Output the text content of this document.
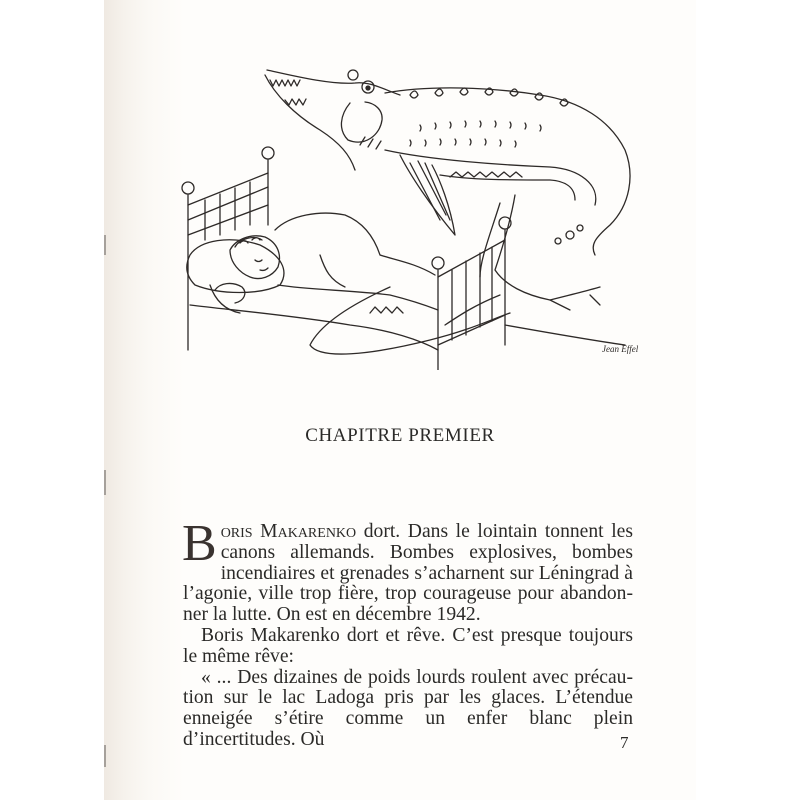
Jean Effel
CHAPITRE PREMIER

Boris Makarenko dort. Dans le lointain tonnent les canons allemands. Bombes explosives, bombes incendiaires et grenades s’acharnent sur Léningrad à l’agonie, ville trop fière, trop courageuse pour abandonner la lutte. On est en décembre 1942.

Boris Makarenko dort et rêve. C’est presque toujours le même rêve:

« ... Des dizaines de poids lourds roulent avec précaution sur le lac Ladoga pris par les glaces. L’étendue enneigée s’étire comme un enfer blanc plein d’incertitudes. Où	7
